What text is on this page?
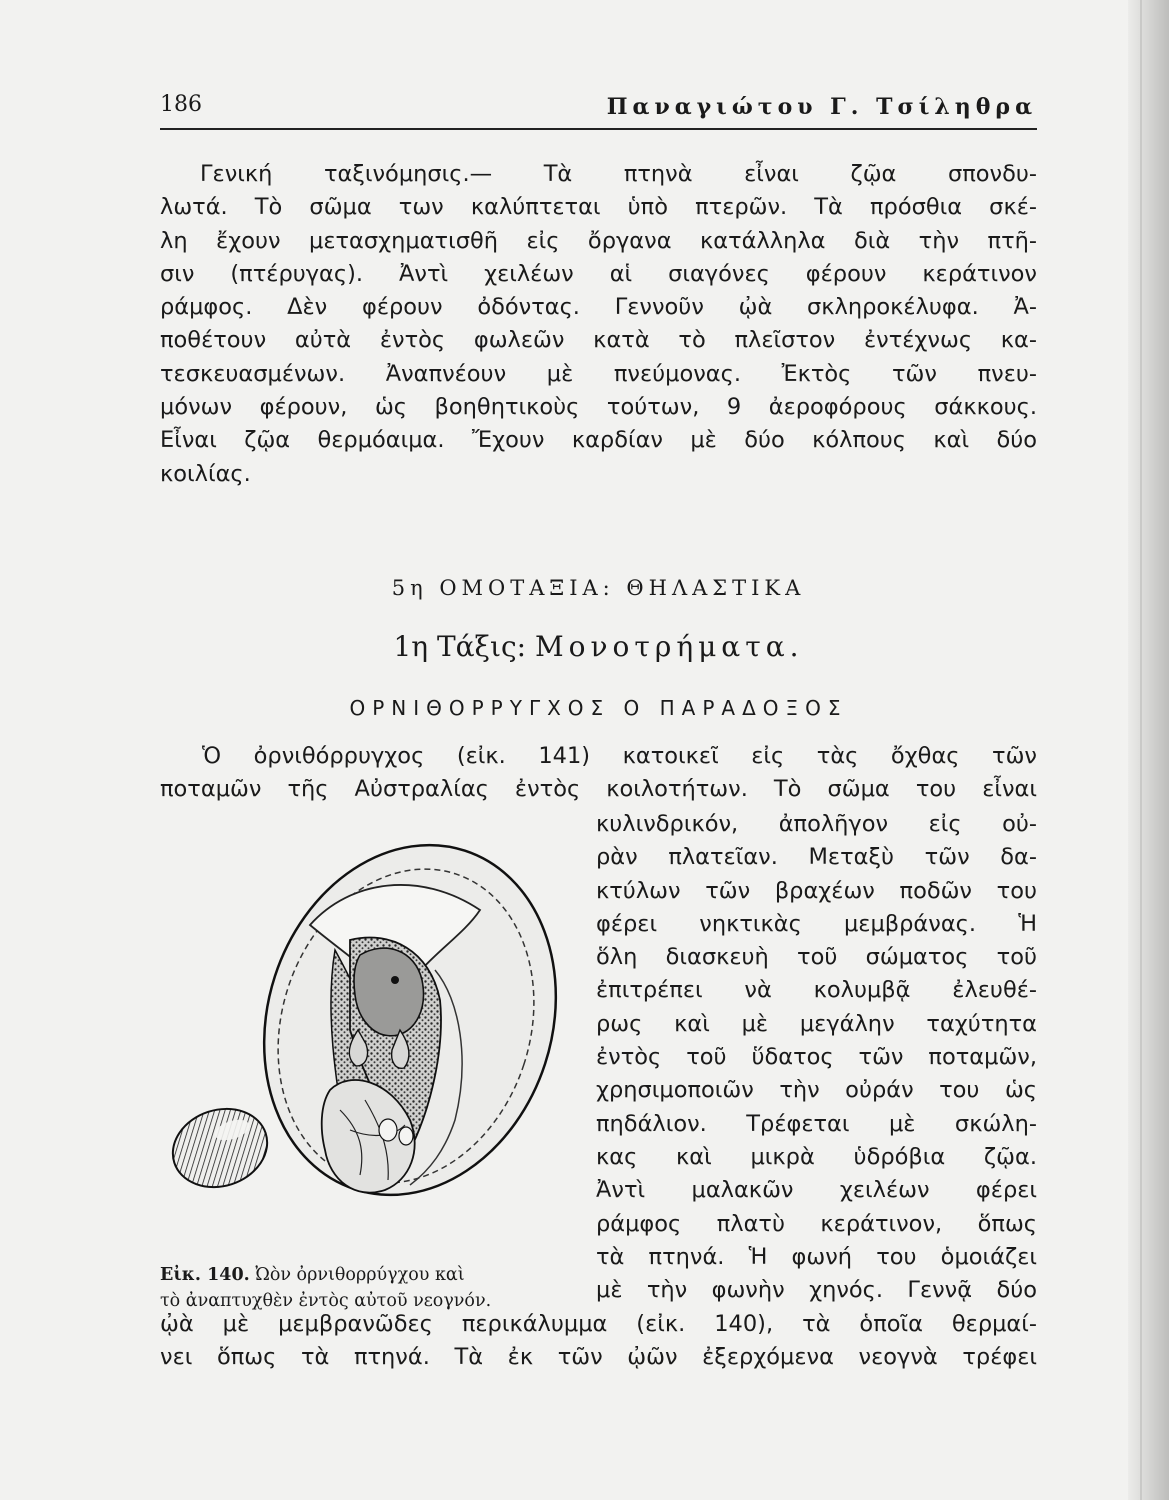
186	Παναγιώτου Γ. Τσίληθρα
Γενική ταξινόμησις.— Τὰ πτηνὰ εἶναι ζῷα σπονδυ-
λωτά. Τὸ σῶμα των καλύπτεται ὑπὸ πτερῶν. Τὰ πρόσθια σκέ-
λη ἔχουν μετασχηματισθῆ εἰς ὄργανα κατάλληλα διὰ τὴν πτῆ-
σιν (πτέρυγας). Ἀντὶ χειλέων αἱ σιαγόνες φέρουν κεράτινον
ράμφος. Δὲν φέρουν ὀδόντας. Γεννοῦν ᾠὰ σκληροκέλυφα. Ἀ-
ποθέτουν αὐτὰ ἐντὸς φωλεῶν κατὰ τὸ πλεῖστον ἐντέχνως κα-
τεσκευασμένων. Ἀναπνέουν μὲ πνεύμονας. Ἐκτὸς τῶν πνευ-
μόνων φέρουν, ὡς βοηθητικοὺς τούτων, 9 ἀεροφόρους σάκκους.
Εἶναι ζῷα θερμόαιμα. Ἔχουν καρδίαν μὲ δύο κόλπους καὶ δύο
κοιλίας.
5η ΟΜΟΤΑΞΙΑ: ΘΗΛΑΣΤΙΚΑ
1η Τάξις: Μονοτρήματα.
ΟΡΝΙΘΟΡΡΥΓΧΟΣ Ο ΠΑΡΑΔΟΞΟΣ
Ὁ ὀρνιθόρρυγχος (εἰκ. 141) κατοικεῖ εἰς τὰς ὄχθας τῶν
ποταμῶν τῆς Αὐστραλίας ἐντὸς κοιλοτήτων. Τὸ σῶμα του εἶναι
κυλινδρικόν, ἀπολῆγον εἰς οὐ-
ρὰν πλατεῖαν. Μεταξὺ τῶν δα-
κτύλων τῶν βραχέων ποδῶν του
φέρει νηκτικὰς μεμβράνας. Ἡ
ὅλη διασκευὴ τοῦ σώματος τοῦ
ἐπιτρέπει νὰ κολυμβᾷ ἐλευθέ-
ρως καὶ μὲ μεγάλην ταχύτητα
ἐντὸς τοῦ ὕδατος τῶν ποταμῶν,
χρησιμοποιῶν τὴν οὐράν του ὡς
πηδάλιον. Τρέφεται μὲ σκώλη-
κας καὶ μικρὰ ὑδρόβια ζῷα.
Ἀντὶ μαλακῶν χειλέων φέρει
ράμφος πλατὺ κεράτινον, ὅπως
τὰ πτηνά. Ἡ φωνή του ὁμοιάζει
μὲ τὴν φωνὴν χηνός. Γεννᾷ δύο
Εἰκ. 140. Ὠὸν ὀρνιθορρύγχου καὶ
τὸ ἀναπτυχθὲν ἐντὸς αὐτοῦ νεογνόν.
ᾠὰ μὲ μεμβρανῶδες περικάλυμμα (εἰκ. 140), τὰ ὁποῖα θερμαί-
νει ὅπως τὰ πτηνά. Τὰ ἐκ τῶν ᾠῶν ἐξερχόμενα νεογνὰ τρέφει
